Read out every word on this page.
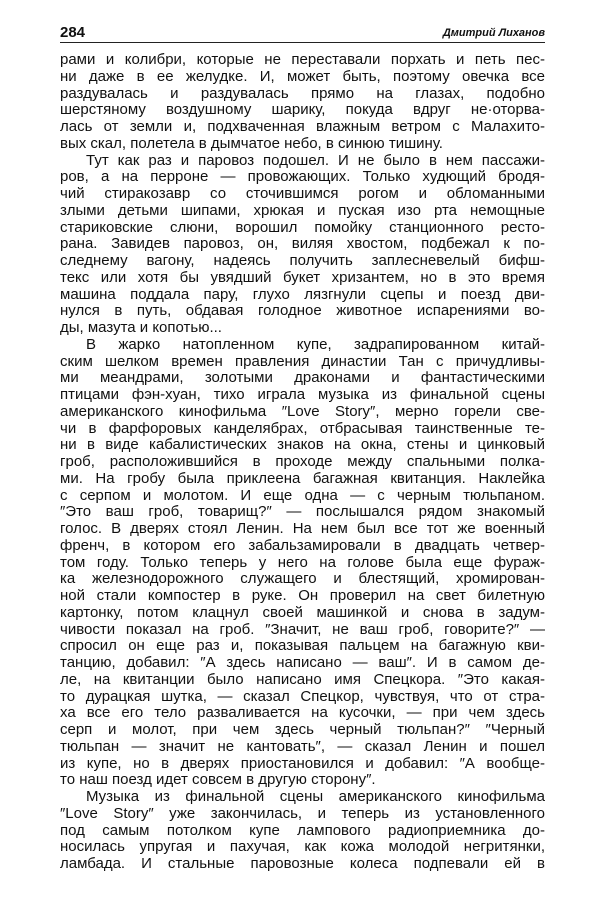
284	Дмитрий Лиханов
рами и колибри, которые не переставали порхать и петь пес-
ни даже в ее желудке. И, может быть, поэтому овечка все
раздувалась и раздувалась прямо на глазах, подобно
шерстяному воздушному шарику, покуда вдруг не·оторва-
лась от земли и, подхваченная влажным ветром с Малахито-
вых скал, полетела в дымчатое небо, в синюю тишину.
Тут как раз и паровоз подошел. И не было в нем пассажи-
ров, а на перроне — провожающих. Только худющий бродя-
чий стиракозавр со сточившимся рогом и обломанными
злыми детьми шипами, хрюкая и пуская изо рта немощные
стариковские слюни, ворошил помойку станционного ресто-
рана. Завидев паровоз, он, виляя хвостом, подбежал к по-
следнему вагону, надеясь получить заплесневелый бифш-
текс или хотя бы увядший букет хризантем, но в это время
машина поддала пару, глухо лязгнули сцепы и поезд дви-
нулся в путь, обдавая голодное животное испарениями во-
ды, мазута и копотью...
В жарко натопленном купе, задрапированном китай-
ским шелком времен правления династии Тан с причудливы-
ми меандрами, золотыми драконами и фантастическими
птицами фэн-хуан, тихо играла музыка из финальной сцены
американского кинофильма ″Love Story″, мерно горели све-
чи в фарфоровых канделябрах, отбрасывая таинственные те-
ни в виде кабалистических знаков на окна, стены и цинковый
гроб, расположившийся в проходе между спальными полка-
ми. На гробу была приклеена багажная квитанция. Наклейка
с серпом и молотом. И еще одна — с черным тюльпаном.
″Это ваш гроб, товарищ?″ — послышался рядом знакомый
голос. В дверях стоял Ленин. На нем был все тот же военный
френч, в котором его забальзамировали в двадцать четвер-
том году. Только теперь у него на голове была еще фураж-
ка железнодорожного служащего и блестящий, хромирован-
ной стали компостер в руке. Он проверил на свет билетную
картонку, потом клацнул своей машинкой и снова в задум-
чивости показал на гроб. ″Значит, не ваш гроб, говорите?″ —
спросил он еще раз и, показывая пальцем на багажную кви-
танцию, добавил: ″А здесь написано — ваш″. И в самом де-
ле, на квитанции было написано имя Спецкора. ″Это какая-
то дурацкая шутка, — сказал Спецкор, чувствуя, что от стра-
ха все его тело разваливается на кусочки, — при чем здесь
серп и молот, при чем здесь черный тюльпан?″ ″Черный
тюльпан — значит не кантовать″, — сказал Ленин и пошел
из купе, но в дверях приостановился и добавил: ″А вообще-
то наш поезд идет совсем в другую сторону″.
Музыка из финальной сцены американского кинофильма
″Love Story″ уже закончилась, и теперь из установленного
под самым потолком купе лампового радиоприемника до-
носилась упругая и пахучая, как кожа молодой негритянки,
ламбада. И стальные паровозные колеса подпевали ей в
